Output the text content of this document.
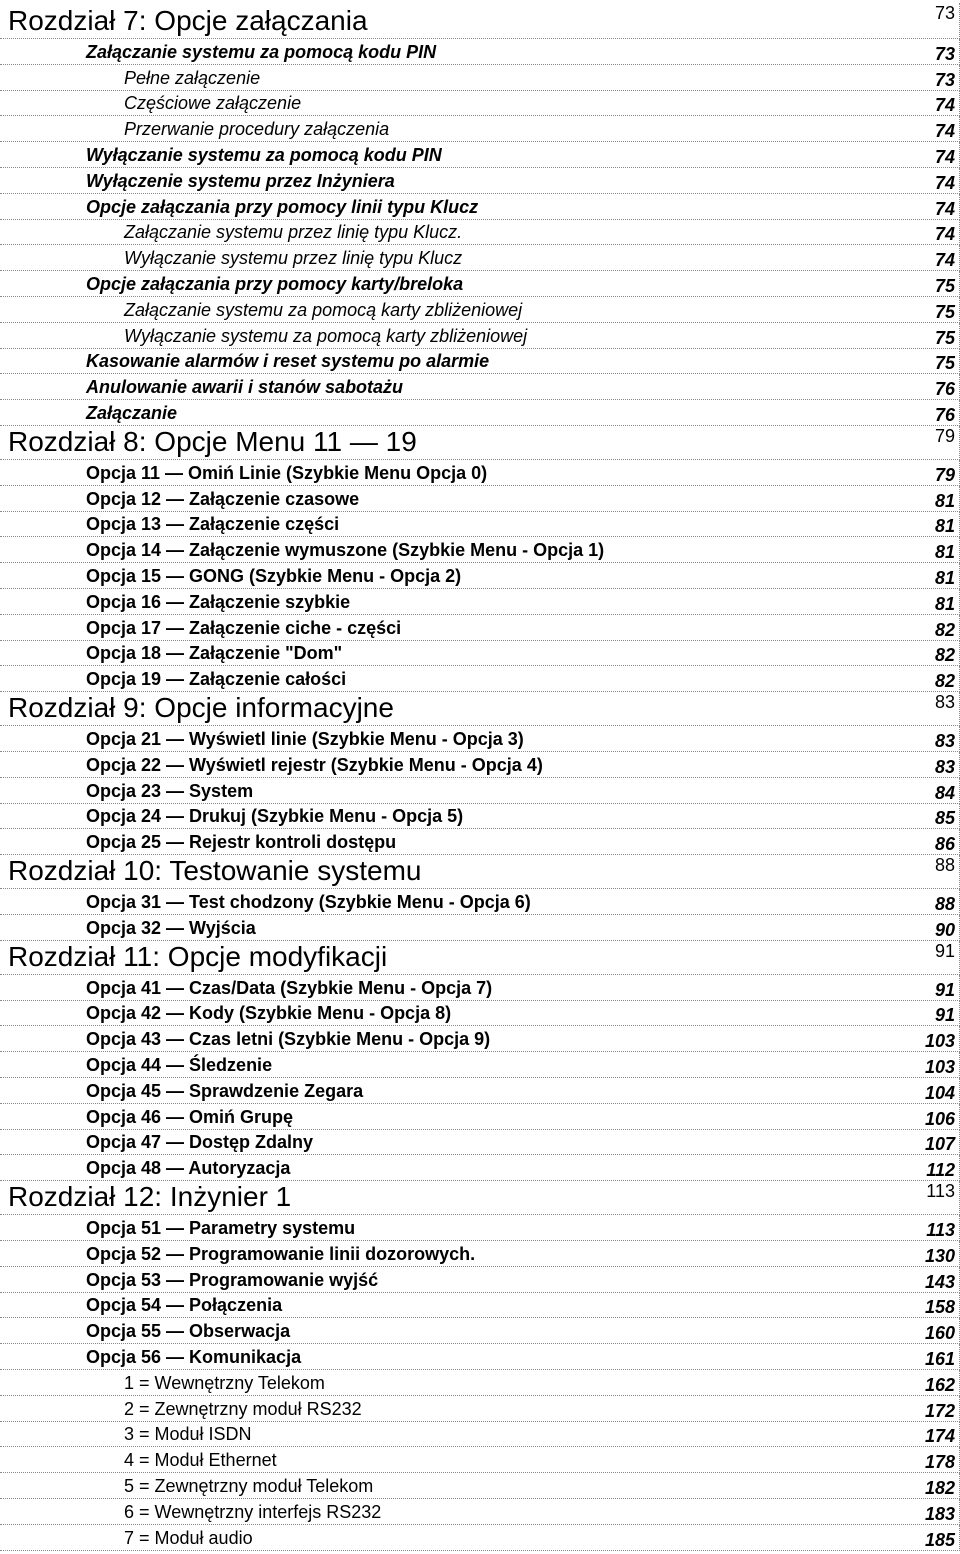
Rozdział 7: Opcje załączania	73
Załączanie systemu za pomocą kodu PIN	73
Pełne załączenie	73
Częściowe załączenie	74
Przerwanie procedury załączenia	74
Wyłączanie systemu za pomocą kodu PIN	74
Wyłączenie systemu przez Inżyniera	74
Opcje załączania przy pomocy linii typu Klucz	74
Załączanie systemu przez linię typu Klucz.	74
Wyłączanie systemu przez linię typu Klucz	74
Opcje załączania przy pomocy karty/breloka	75
Załączanie systemu za pomocą karty zbliżeniowej	75
Wyłączanie systemu za pomocą karty zbliżeniowej	75
Kasowanie alarmów i reset systemu po alarmie	75
Anulowanie awarii i stanów sabotażu	76
Załączanie	76
Rozdział 8: Opcje Menu 11 — 19	79
Opcja 11 — Omiń Linie (Szybkie Menu Opcja 0)	79
Opcja 12 — Załączenie czasowe	81
Opcja 13 — Załączenie części	81
Opcja 14 — Załączenie wymuszone (Szybkie Menu - Opcja 1)	81
Opcja 15 — GONG (Szybkie Menu - Opcja 2)	81
Opcja 16 — Załączenie szybkie	81
Opcja 17 — Załączenie ciche - części	82
Opcja 18 — Załączenie "Dom"	82
Opcja 19 — Załączenie całości	82
Rozdział 9: Opcje informacyjne	83
Opcja 21 — Wyświetl linie (Szybkie Menu - Opcja 3)	83
Opcja 22 — Wyświetl rejestr (Szybkie Menu - Opcja 4)	83
Opcja 23 — System	84
Opcja 24 — Drukuj (Szybkie Menu - Opcja 5)	85
Opcja 25 — Rejestr kontroli dostępu	86
Rozdział 10: Testowanie systemu	88
Opcja 31 — Test chodzony (Szybkie Menu - Opcja 6)	88
Opcja 32 — Wyjścia	90
Rozdział 11: Opcje modyfikacji	91
Opcja 41 — Czas/Data (Szybkie Menu - Opcja 7)	91
Opcja 42 — Kody (Szybkie Menu - Opcja 8)	91
Opcja 43 — Czas letni (Szybkie Menu - Opcja 9)	103
Opcja 44 — Śledzenie	103
Opcja 45 — Sprawdzenie Zegara	104
Opcja 46 — Omiń Grupę	106
Opcja 47 — Dostęp Zdalny	107
Opcja 48 — Autoryzacja	112
Rozdział 12: Inżynier 1	113
Opcja 51 — Parametry systemu	113
Opcja 52 — Programowanie linii dozorowych.	130
Opcja 53 — Programowanie wyjść	143
Opcja 54 — Połączenia	158
Opcja 55 — Obserwacja	160
Opcja 56 — Komunikacja	161
1 = Wewnętrzny Telekom	162
2 = Zewnętrzny moduł RS232	172
3 = Moduł ISDN	174
4 = Moduł Ethernet	178
5 = Zewnętrzny moduł Telekom	182
6 = Wewnętrzny interfejs RS232	183
7 = Moduł audio	185
